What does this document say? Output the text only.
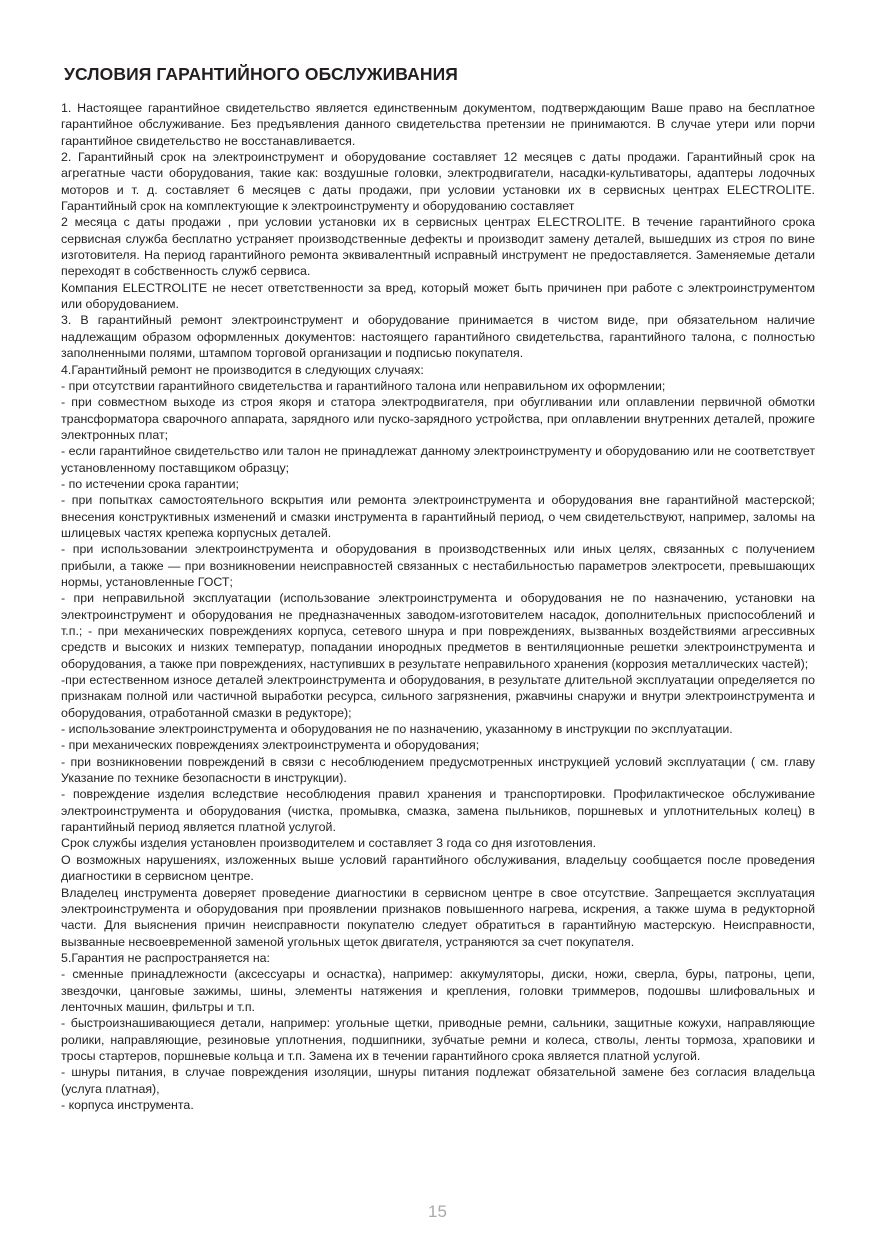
УСЛОВИЯ ГАРАНТИЙНОГО ОБСЛУЖИВАНИЯ

1. Настоящее гарантийное свидетельство является единственным документом, подтверждающим Ваше право на бесплатное гарантийное обслуживание. Без предъявления данного свидетельства претензии не принимаются. В случае утери или порчи гарантийное свидетельство не восстанавливается.

2. Гарантийный срок на электроинструмент и оборудование составляет 12 месяцев с даты продажи. Гарантийный срок на агрегатные части оборудования, такие как: воздушные головки, электродвигатели, насадки-культиваторы, адаптеры лодочных моторов и т. д. составляет 6 месяцев с даты продажи, при условии установки их в сервисных центрах ELECTROLITE. Гарантийный срок на комплектующие к электроинструменту и оборудованию составляет

2 месяца с даты продажи , при условии установки их в сервисных центрах ELECTROLITE. В течение гарантийного срока сервисная служба бесплатно устраняет производственные дефекты и производит замену деталей, вышедших из строя по вине изготовителя. На период гарантийного ремонта эквивалентный исправный инструмент не предоставляется. Заменяемые детали переходят в собственность служб сервиса.

Компания ELECTROLITE не несет ответственности за вред, который может быть причинен при работе с электроинструментом или оборудованием.

3. В гарантийный ремонт электроинструмент и оборудование принимается в чистом виде, при обязательном наличие надлежащим образом оформленных документов: настоящего гарантийного свидетельства, гарантийного талона, с полностью заполненными полями, штампом торговой организации и подписью покупателя.

4.Гарантийный ремонт не производится в следующих случаях:

- при отсутствии гарантийного свидетельства и гарантийного талона или неправильном их оформлении;

- при совместном выходе из строя якоря и статора электродвигателя, при обугливании или оплавлении первичной обмотки трансформатора сварочного аппарата, зарядного или пуско-зарядного устройства, при оплавлении внутренних деталей, прожиге электронных плат;

- если гарантийное свидетельство или талон не принадлежат данному электроинструменту и оборудованию или не соответствует установленному поставщиком образцу;

- по истечении срока гарантии;

- при попытках самостоятельного вскрытия или ремонта электроинструмента и оборудования вне гарантийной мастерской; внесения конструктивных изменений и смазки инструмента в гарантийный период, о чем свидетельствуют, например, заломы на шлицевых частях крепежа корпусных деталей.

- при использовании электроинструмента и оборудования в производственных или иных целях, связанных с получением прибыли, а также — при возникновении неисправностей связанных с нестабильностью параметров электросети, превышающих нормы, установленные ГОСТ;

- при неправильной эксплуатации (использование электроинструмента и оборудования не по назначению, установки на электроинструмент и оборудования не предназначенных заводом-изготовителем насадок, дополнительных приспособлений и т.п.; - при механических повреждениях корпуса, сетевого шнура и при повреждениях, вызванных воздействиями агрессивных средств и высоких и низких температур, попадании инородных предметов в вентиляционные решетки электроинструмента и оборудования, а также при повреждениях, наступивших в результате неправильного хранения (коррозия металлических частей);

-при естественном износе деталей электроинструмента и оборудования, в результате длительной эксплуатации определяется по признакам полной или частичной выработки ресурса, сильного загрязнения, ржавчины снаружи и внутри электроинструмента и оборудования, отработанной смазки в редукторе);

- использование электроинструмента и оборудования не по назначению, указанному в инструкции по эксплуатации.

- при механических повреждениях электроинструмента и оборудования;

- при возникновении повреждений в связи с несоблюдением предусмотренных инструкцией условий эксплуатации ( см. главу Указание по технике безопасности в инструкции).

- повреждение изделия вследствие несоблюдения правил хранения и транспортировки. Профилактическое обслуживание электроинструмента и оборудования (чистка, промывка, смазка, замена пыльников, поршневых и уплотнительных колец) в гарантийный период является платной услугой.

Срок службы изделия установлен производителем и составляет 3 года со дня изготовления.

О возможных нарушениях, изложенных выше условий гарантийного обслуживания, владельцу сообщается после проведения диагностики в сервисном центре.

Владелец инструмента доверяет проведение диагностики в сервисном центре в свое отсутствие. Запрещается эксплуатация электроинструмента и оборудования при проявлении признаков повышенного нагрева, искрения, а также шума в редукторной части. Для выяснения причин неисправности покупателю следует обратиться в гарантийную мастерскую. Неисправности, вызванные несвоевременной заменой угольных щеток двигателя, устраняются за счет покупателя.

5.Гарантия не распространяется на:

- сменные принадлежности (аксессуары и оснастка), например: аккумуляторы, диски, ножи, сверла, буры, патроны, цепи, звездочки, цанговые зажимы, шины, элементы натяжения и крепления, головки триммеров, подошвы шлифовальных и ленточных машин, фильтры и т.п.

- быстроизнашивающиеся детали, например: угольные щетки, приводные ремни, сальники, защитные кожухи, направляющие ролики, направляющие, резиновые уплотнения, подшипники, зубчатые ремни и колеса, стволы, ленты тормоза, храповики и тросы стартеров, поршневые кольца и т.п. Замена их в течении гарантийного срока является платной услугой.

- шнуры питания, в случае повреждения изоляции, шнуры питания подлежат обязательной замене без согласия владельца (услуга платная),

- корпуса инструмента.

15
